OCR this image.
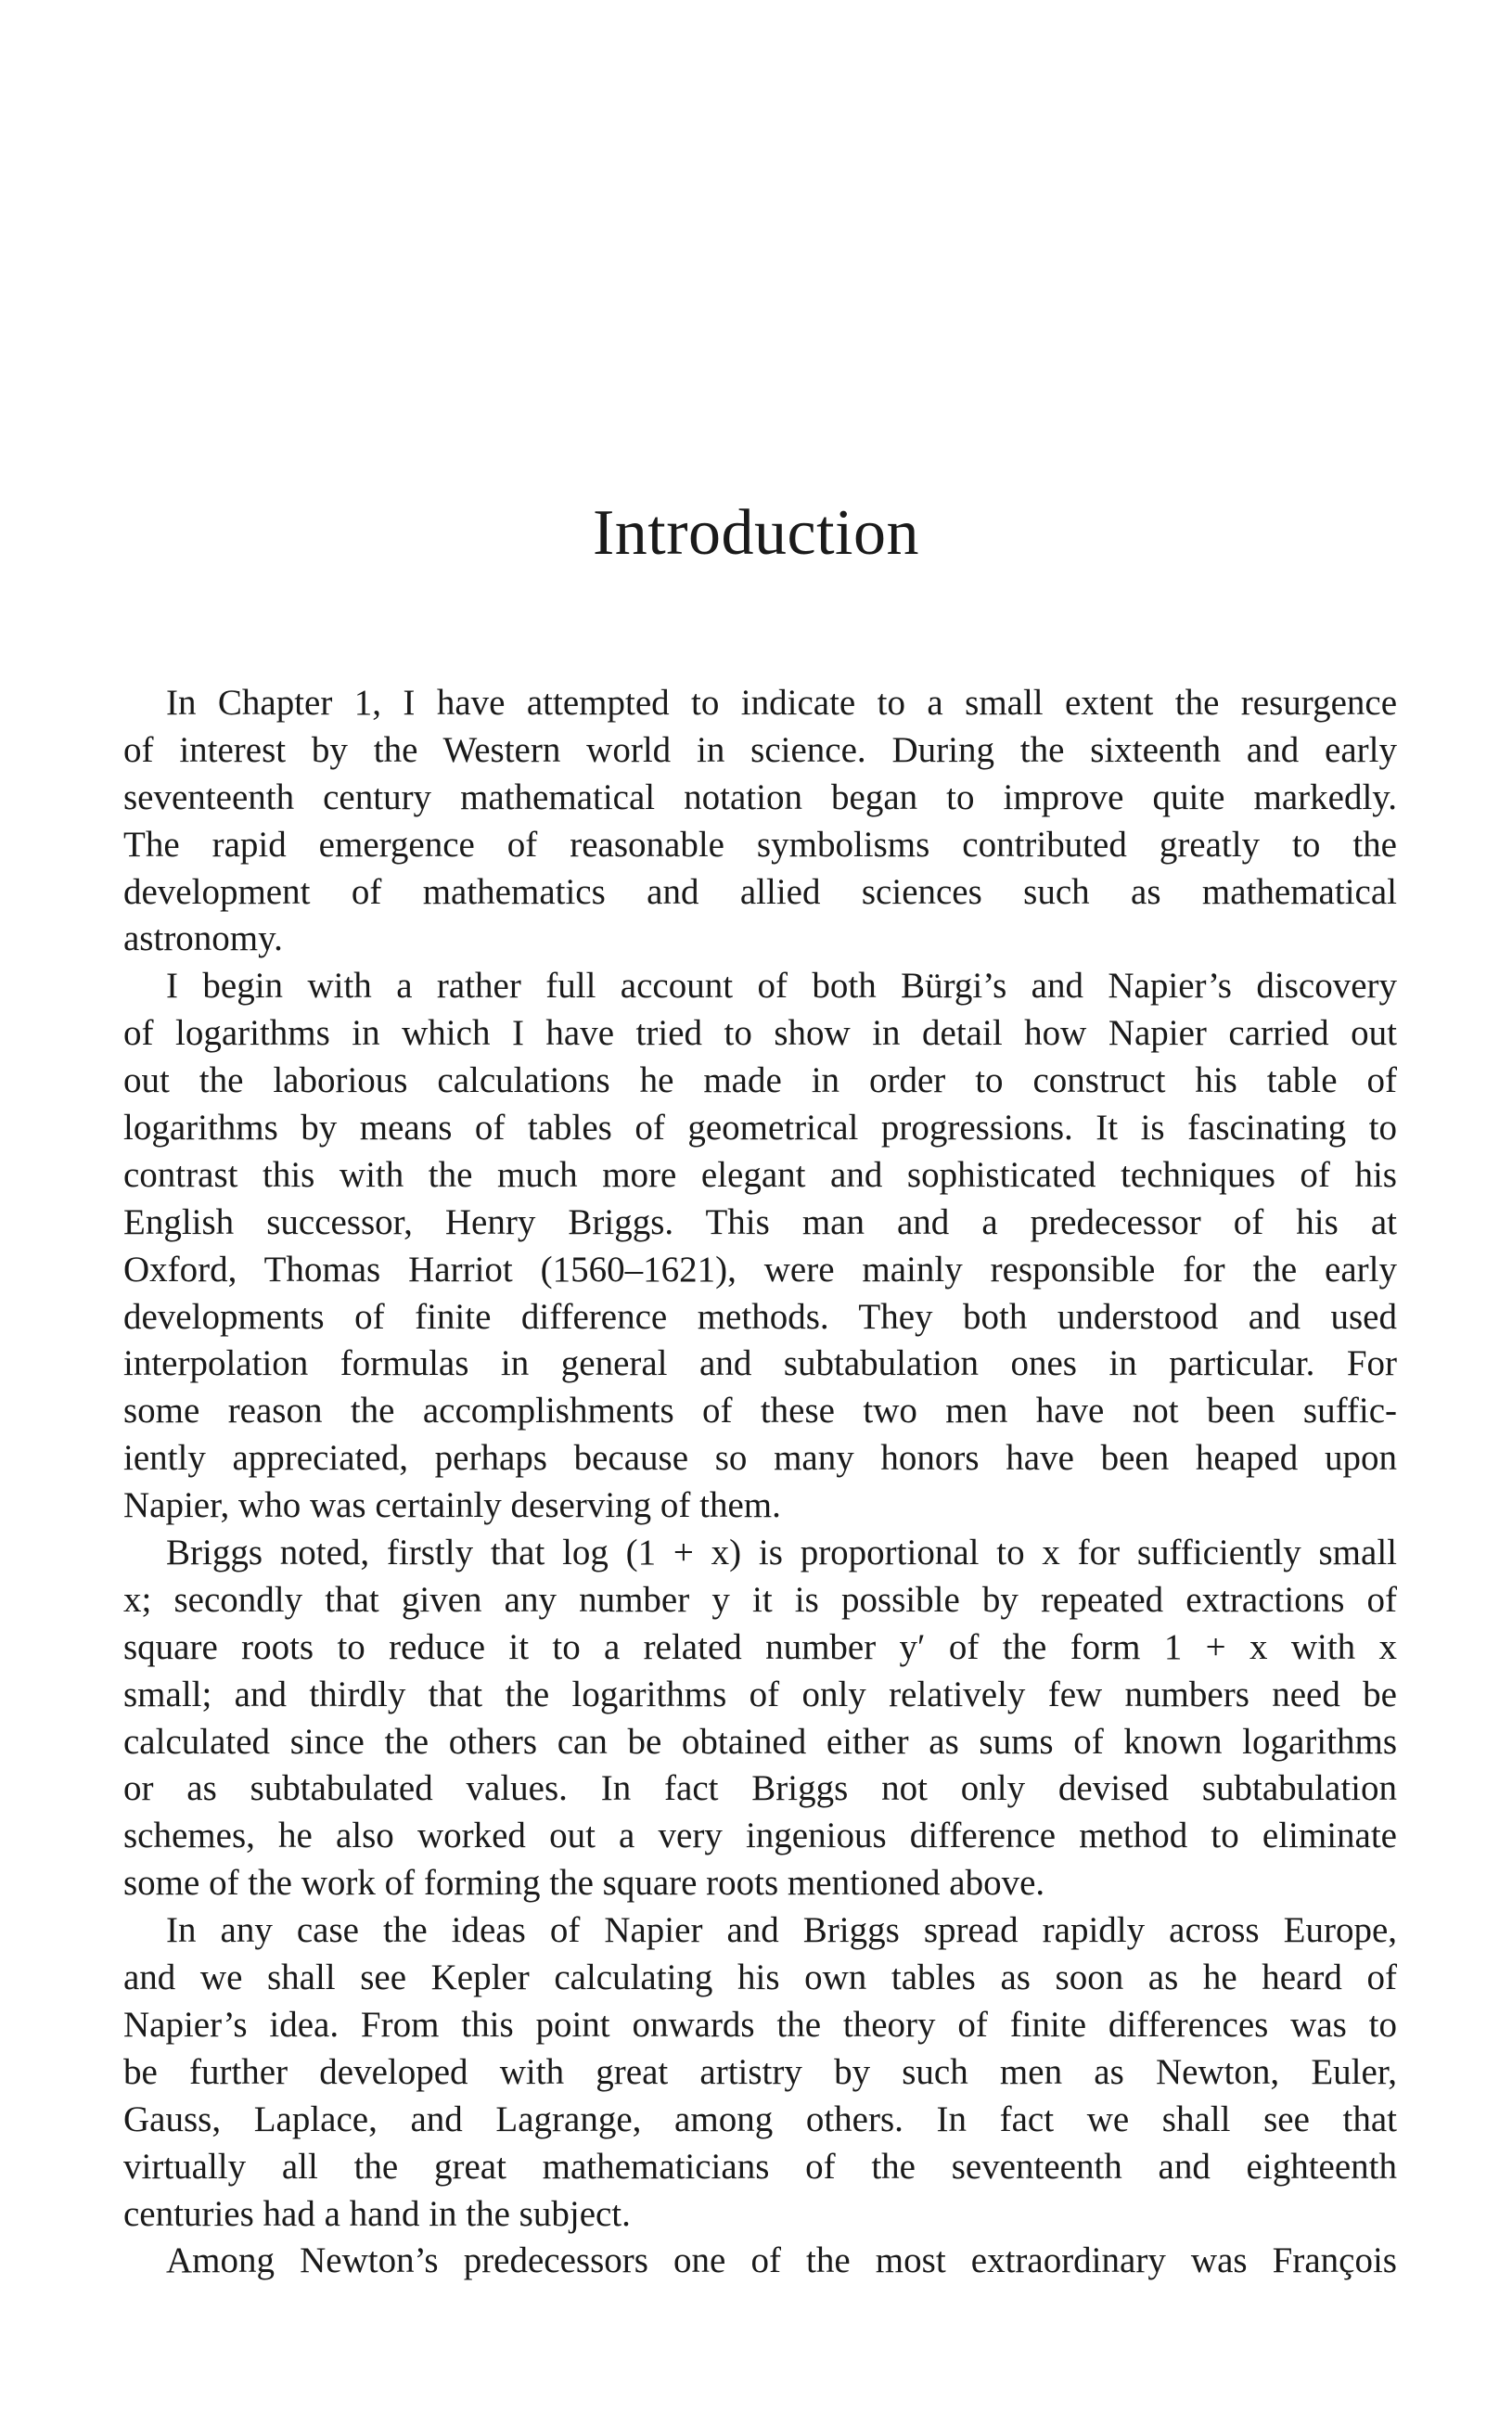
Introduction
In Chapter 1, I have attempted to indicate to a small extent the resurgence
of interest by the Western world in science. During the sixteenth and early
seventeenth century mathematical notation began to improve quite markedly.
The rapid emergence of reasonable symbolisms contributed greatly to the
development of mathematics and allied sciences such as mathematical
astronomy.
I begin with a rather full account of both Bürgi’s and Napier’s discovery
of logarithms in which I have tried to show in detail how Napier carried out
out the laborious calculations he made in order to construct his table of
logarithms by means of tables of geometrical progressions. It is fascinating to
contrast this with the much more elegant and sophisticated techniques of his
English successor, Henry Briggs. This man and a predecessor of his at
Oxford, Thomas Harriot (1560–1621), were mainly responsible for the early
developments of finite difference methods. They both understood and used
interpolation formulas in general and subtabulation ones in particular. For
some reason the accomplishments of these two men have not been suffic-
iently appreciated, perhaps because so many honors have been heaped upon
Napier, who was certainly deserving of them.
Briggs noted, firstly that log (1 + x) is proportional to x for sufficiently small
x; secondly that given any number y it is possible by repeated extractions of
square roots to reduce it to a related number y′ of the form 1 + x with x
small; and thirdly that the logarithms of only relatively few numbers need be
calculated since the others can be obtained either as sums of known logarithms
or as subtabulated values. In fact Briggs not only devised subtabulation
schemes, he also worked out a very ingenious difference method to eliminate
some of the work of forming the square roots mentioned above.
In any case the ideas of Napier and Briggs spread rapidly across Europe,
and we shall see Kepler calculating his own tables as soon as he heard of
Napier’s idea. From this point onwards the theory of finite differences was to
be further developed with great artistry by such men as Newton, Euler,
Gauss, Laplace, and Lagrange, among others. In fact we shall see that
virtually all the great mathematicians of the seventeenth and eighteenth
centuries had a hand in the subject.
Among Newton’s predecessors one of the most extraordinary was François
